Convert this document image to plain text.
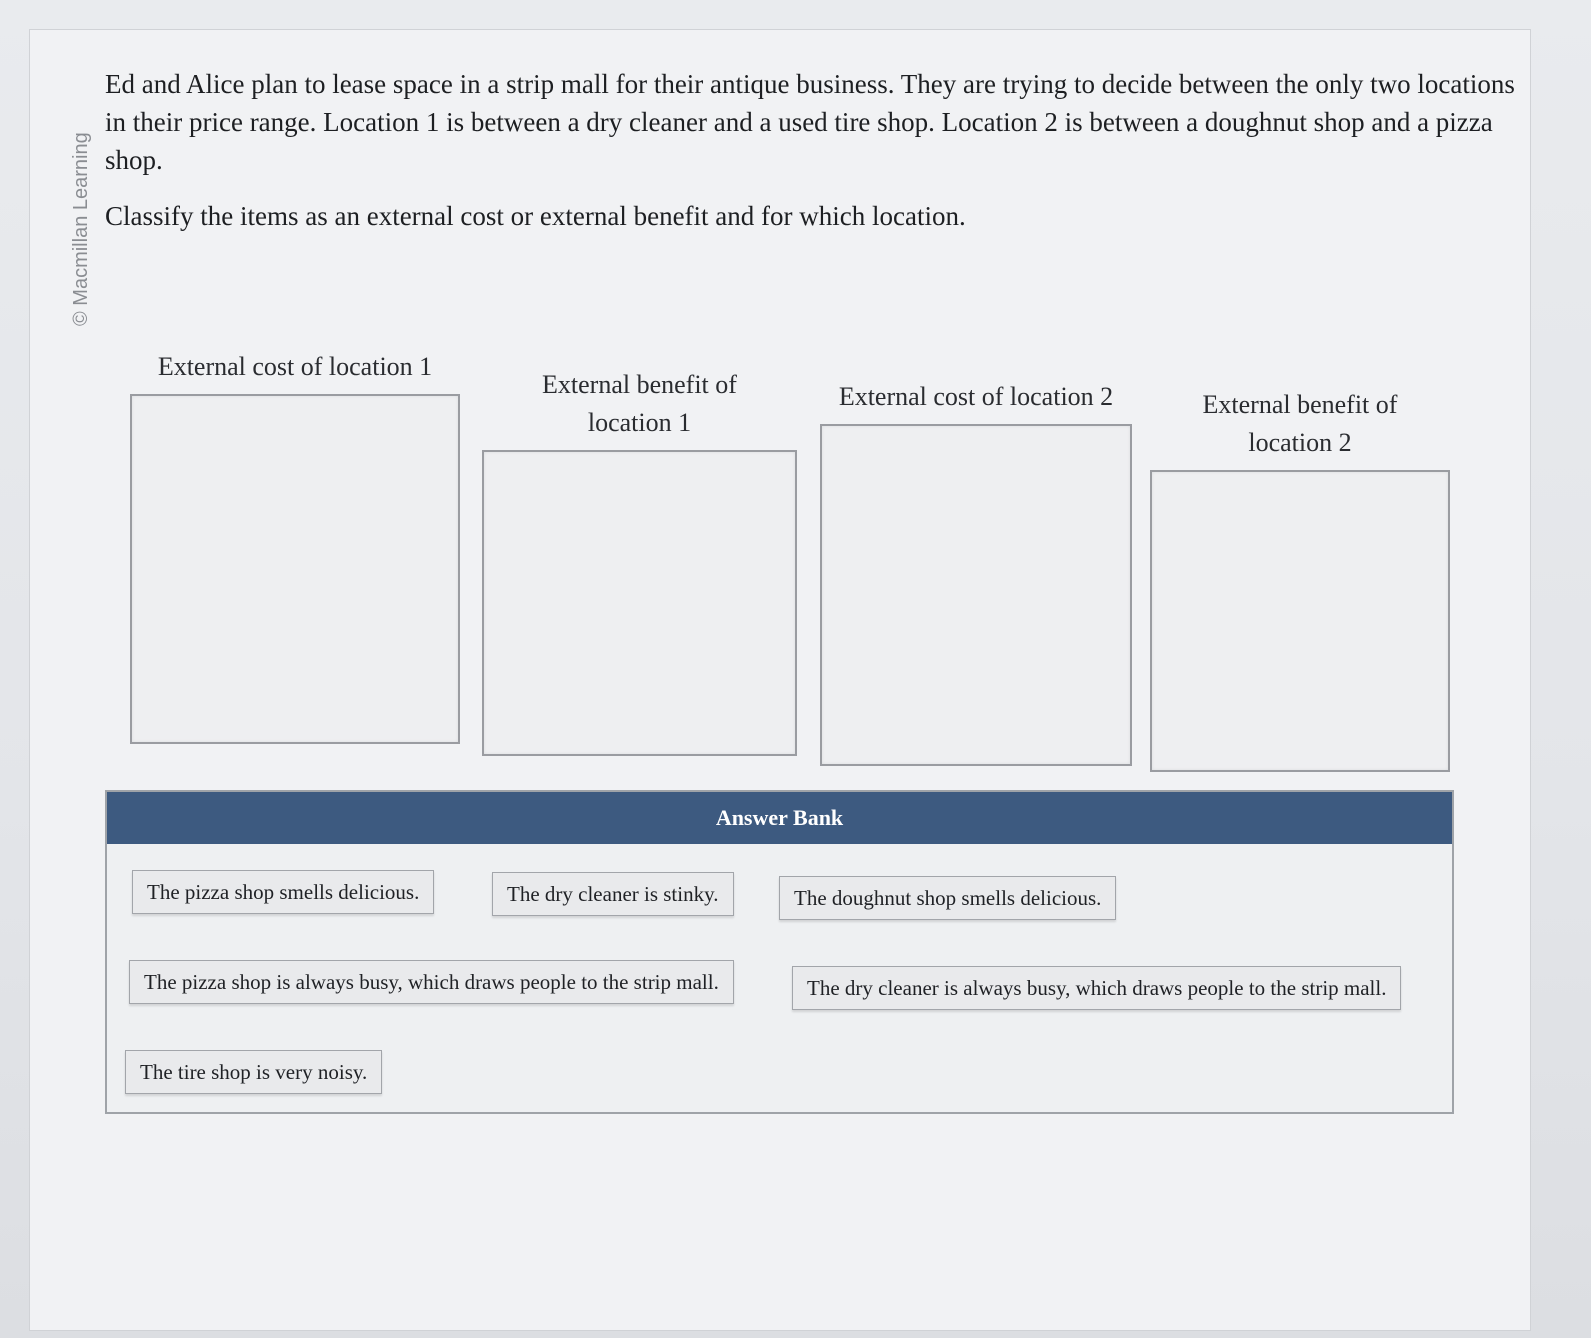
© Macmillan Learning

Ed and Alice plan to lease space in a strip mall for their antique business. They are trying to decide between the only two locations in their price range. Location 1 is between a dry cleaner and a used tire shop. Location 2 is between a doughnut shop and a pizza shop.

Classify the items as an external cost or external benefit and for which location.

External cost of location 1
External benefit of location 1
External cost of location 2	External benefit of location 2
Answer Bank
The pizza shop smells delicious.	The dry cleaner is stinky.	The doughnut shop smells delicious.
The pizza shop is always busy, which draws people to the strip mall.	The dry cleaner is always busy, which draws people to the strip mall.
The tire shop is very noisy.
